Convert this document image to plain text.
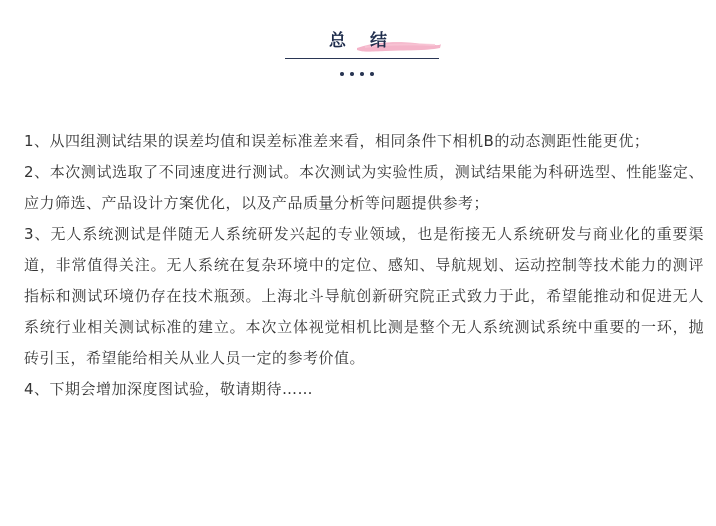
总 结

1、从四组测试结果的误差均值和误差标准差来看，相同条件下相机B的动态测距性能更优；

2、本次测试选取了不同速度进行测试。本次测试为实验性质，测试结果能为科研选型、性能鉴定、应力筛选、产品设计方案优化，以及产品质量分析等问题提供参考；

3、无人系统测试是伴随无人系统研发兴起的专业领域，也是衔接无人系统研发与商业化的重要渠道，非常值得关注。无人系统在复杂环境中的定位、感知、导航规划、运动控制等技术能力的测评指标和测试环境仍存在技术瓶颈。上海北斗导航创新研究院正式致力于此，希望能推动和促进无人系统行业相关测试标准的建立。本次立体视觉相机比测是整个无人系统测试系统中重要的一环，抛砖引玉，希望能给相关从业人员一定的参考价值。

4、下期会增加深度图试验，敬请期待……
